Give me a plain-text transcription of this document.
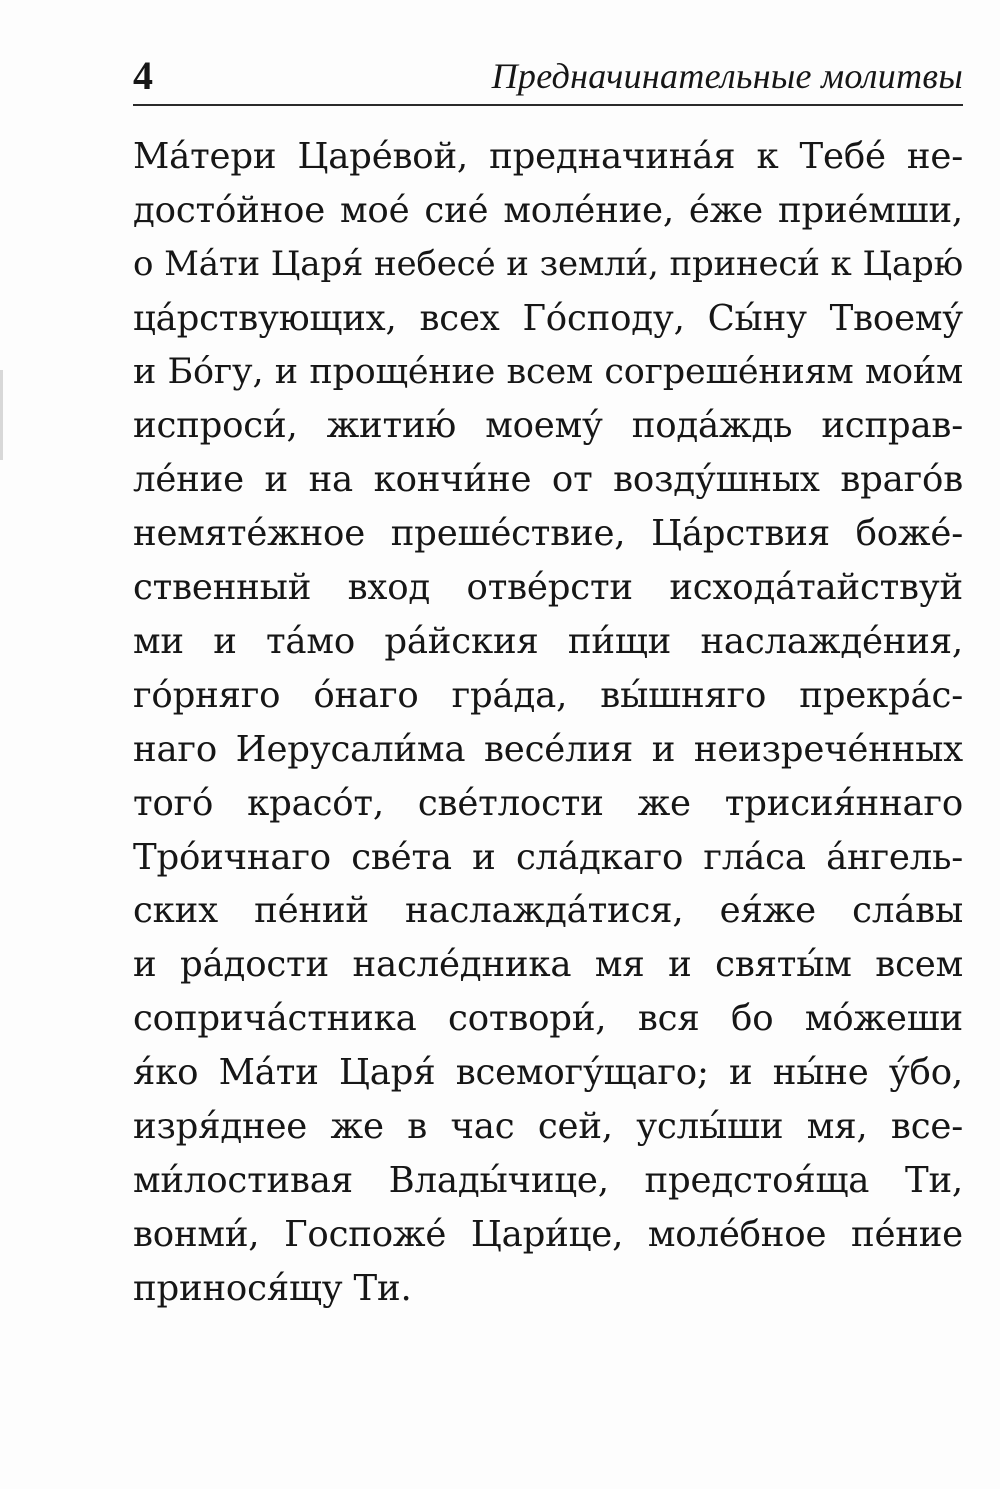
4	Предначинательные молитвы
Ма́тери Царе́вой, предначина́я к Тебе́ не-
досто́йное мое́ сие́ моле́ние, е́же прие́мши,
о Ма́ти Царя́ небесе́ и земли́, принеси́ к Царю́
ца́рствующих, всех Го́споду, Сы́ну Твоему́
и Бо́гу, и проще́ние всем согреше́ниям мои́м
испроси́, житию́ моему́ пода́ждь исправ-
ле́ние и на кончи́не от возду́шных враго́в
немяте́жное преше́ствие, Ца́рствия боже́-
ственный вход отве́рсти исхода́тайствуй
ми и та́мо ра́йския пи́щи наслажде́ния,
го́рняго о́наго гра́да, вы́шняго прекра́с-
наго Иерусали́ма весе́лия и неизрече́нных
того́ красо́т, све́тлости же трисия́ннаго
Тро́ичнаго све́та и сла́дкаго гла́са а́нгель-
ских пе́ний наслажда́тися, ея́же сла́вы
и ра́дости насле́дника мя и святы́м всем
соприча́стника сотвори́, вся бо мо́жеши
я́ко Ма́ти Царя́ всемогу́щаго; и ны́не у́бо,
изря́днее же в час сей, услы́ши мя, все-
ми́лостивая Влады́чице, предстоя́ща Ти,
вонми́, Госпоже́ Цари́це, моле́бное пе́ние
принося́щу Ти.
